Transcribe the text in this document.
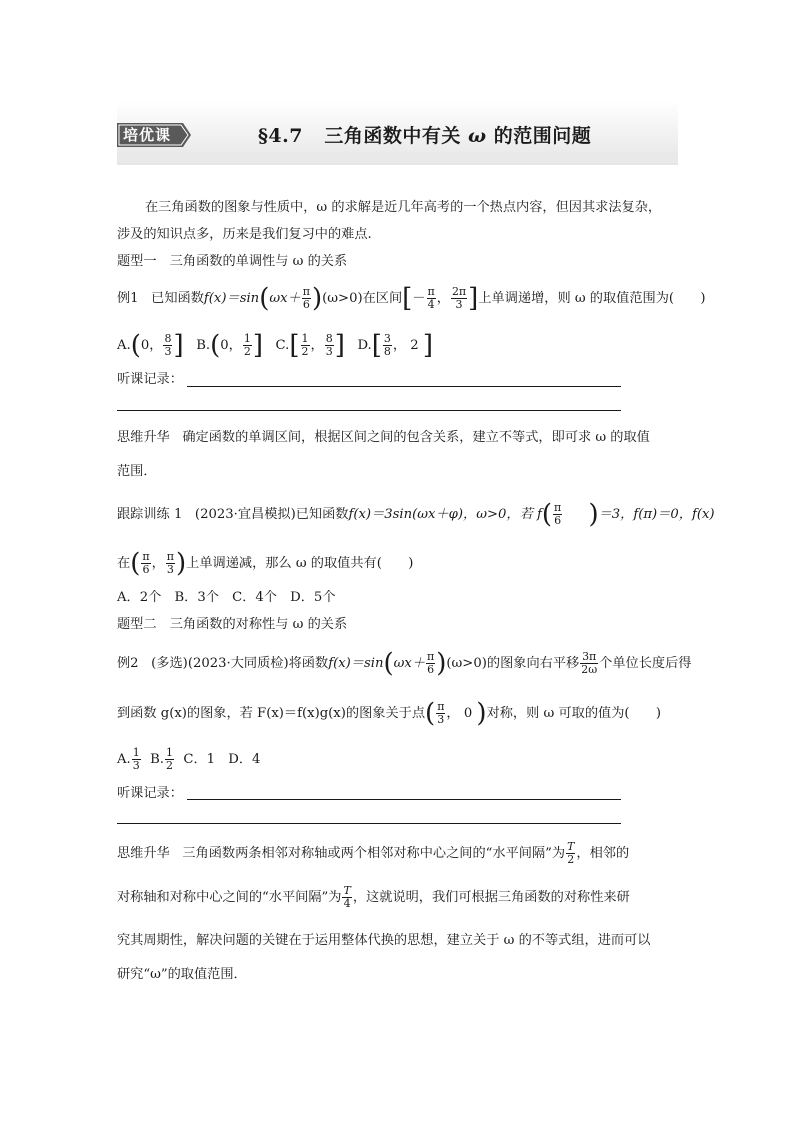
培优课	§4.7 三角函数中有关 ω 的范围问题
在三角函数的图象与性质中，ω 的求解是近几年高考的一个热点内容，但因其求法复杂，
涉及的知识点多，历来是我们复习中的难点.
题型一　三角函数的单调性与 ω 的关系
例1 已知函数$f(x)=\sin(\omega x+ \frac{\pi}{6} )(\omega>0)$在区间[－ $\frac{\pi}{4}$ ， $\frac{2\pi}{3}$ ]上单调递增，则 ω 的取值范围为(　　)
A.(0， $\frac{8}{3}$ ] B.(0， $\frac{1}{2}$ ] $C.[ \frac{1}{2}$ ， $\frac{8}{3}$ ] $D.[ \frac{3}{8}$ ， 2 ]
听课记录：
思维升华 确定函数的单调区间，根据区间之间的包含关系，建立不等式，即可求 ω 的取值
范围．
跟踪训练 1 (2023·宜昌模拟)已知函数f(x)＝3sin(ωx＋φ)，ω>0，若 $f( \frac{\pi}{6} )=3$，f(π)＝0，f(x)
在( $\frac{\pi}{6}$ ， $\frac{\pi}{3}$ )上单调递减，那么 ω 的取值共有(　　)
A．2个　B．3个　C．4个　D．5个
题型二　三角函数的对称性与 ω 的关系
例2 (多选)(2023·大同质检)将函数$f(x)=\sin(\omega x+ \frac{\pi}{6} )(\omega>0)$的图象向右平移 $\frac{3\pi}{2\omega}$ 个单位长度后得
到函数 g(x)的图象，若 F(x)＝f(x)g(x)的图象关于点( $\frac{\pi}{3}$ ， 0 )对称，则 ω 可取的值为(　　)
A. $\frac{1}{3} B$. $\frac{1}{2}$ C．1　D．4
听课记录：
思维升华 三角函数两条相邻对称轴或两个相邻对称中心之间的“水平间隔”为 $\frac{T}{2}$ ，相邻的
对称轴和对称中心之间的“水平间隔”为 $\frac{T}{4}$ ，这就说明，我们可根据三角函数的对称性来研
究其周期性，解决问题的关键在于运用整体代换的思想，建立关于 ω 的不等式组，进而可以
研究“ω”的取值范围．
